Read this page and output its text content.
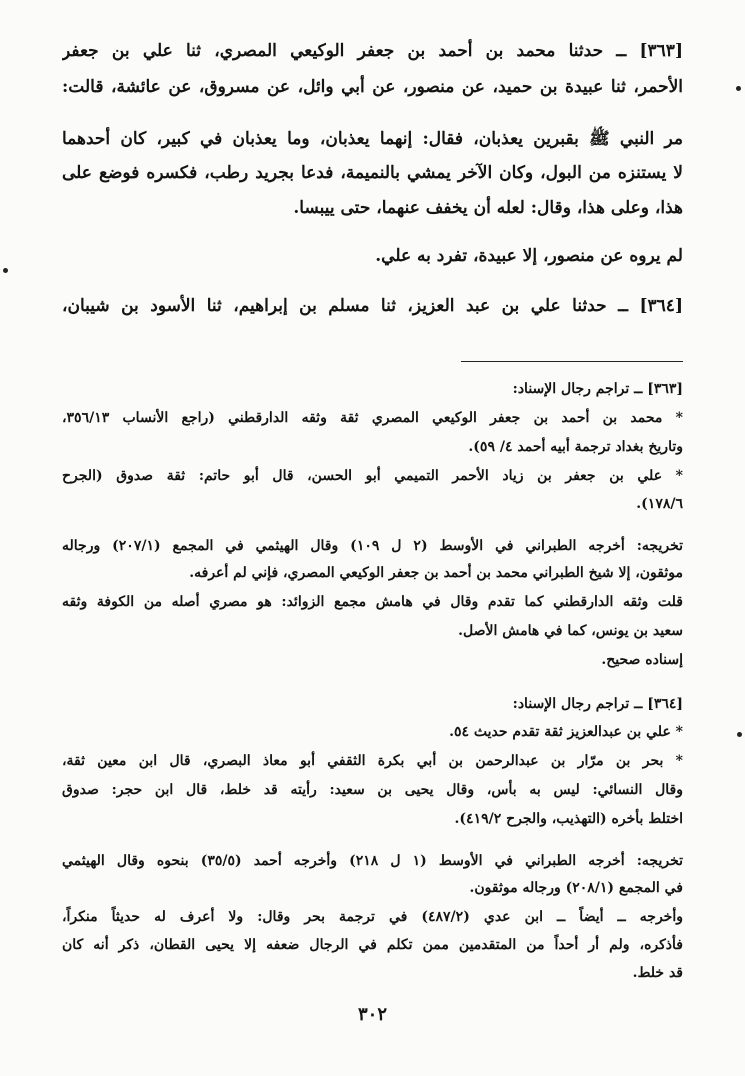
[٣٦٣] ــ حدثنا محمد بن أحمد بن جعفر الوكيعي المصري، ثنا علي بن جعفر
الأحمر، ثنا عبيدة بن حميد، عن منصور، عن أبي وائل، عن مسروق، عن عائشة، قالت:
مر النبي ﷺ بقبرين يعذبان، فقال: إنهما يعذبان، وما يعذبان في كبير، كان أحدهما
لا يستنزه من البول، وكان الآخر يمشي بالنميمة، فدعا بجريد رطب، فكسره فوضع على
هذا، وعلى هذا، وقال: لعله أن يخفف عنهما، حتى ييبسا.
لم يروه عن منصور، إلا عبيدة، تفرد به علي.
[٣٦٤] ــ حدثنا علي بن عبد العزيز، ثنا مسلم بن إبراهيم، ثنا الأسود بن شيبان،
[٣٦٣] ــ تراجم رجال الإسناد:
* محمد بن أحمد بن جعفر الوكيعي المصري ثقة وثقه الدارقطني (راجع الأنساب ٣٥٦/١٣،
وتاريخ بغداد ترجمة أبيه أحمد ٤/ ٥٩).
* علي بن جعفر بن زياد الأحمر التميمي أبو الحسن، قال أبو حاتم: ثقة صدوق (الجرح
١٧٨/٦).
تخريجه: أخرجه الطبراني في الأوسط (٢ ل ١٠٩) وقال الهيثمي في المجمع (٢٠٧/١) ورجاله
موثقون، إلا شيخ الطبراني محمد بن أحمد بن جعفر الوكيعي المصري، فإني لم أعرفه.
قلت وثقه الدارقطني كما تقدم وقال في هامش مجمع الزوائد: هو مصري أصله من الكوفة وثقه
سعيد بن يونس، كما في هامش الأصل.
إسناده صحيح.
[٣٦٤] ــ تراجم رجال الإسناد:
* علي بن عبدالعزيز ثقة تقدم حديث ٥٤.
* بحر بن مرّار بن عبدالرحمن بن أبي بكرة الثقفي أبو معاذ البصري، قال ابن معين ثقة،
وقال النسائي: ليس به بأس، وقال يحيى بن سعيد: رأيته قد خلط، قال ابن حجر: صدوق
اختلط بأخره (التهذيب، والجرح ٤١٩/٢).
تخريجه: أخرجه الطبراني في الأوسط (١ ل ٢١٨) وأخرجه أحمد (٣٥/٥) بنحوه وقال الهيثمي
في المجمع (٢٠٨/١) ورجاله موثقون.
وأخرجه ــ أيضاً ــ ابن عدي (٤٨٧/٢) في ترجمة بحر وقال: ولا أعرف له حديثاً منكراً،
فأذكره، ولم أر أحداً من المتقدمين ممن تكلم في الرجال ضعفه إلا يحيى القطان، ذكر أنه كان
قد خلط.
٣٠٢
